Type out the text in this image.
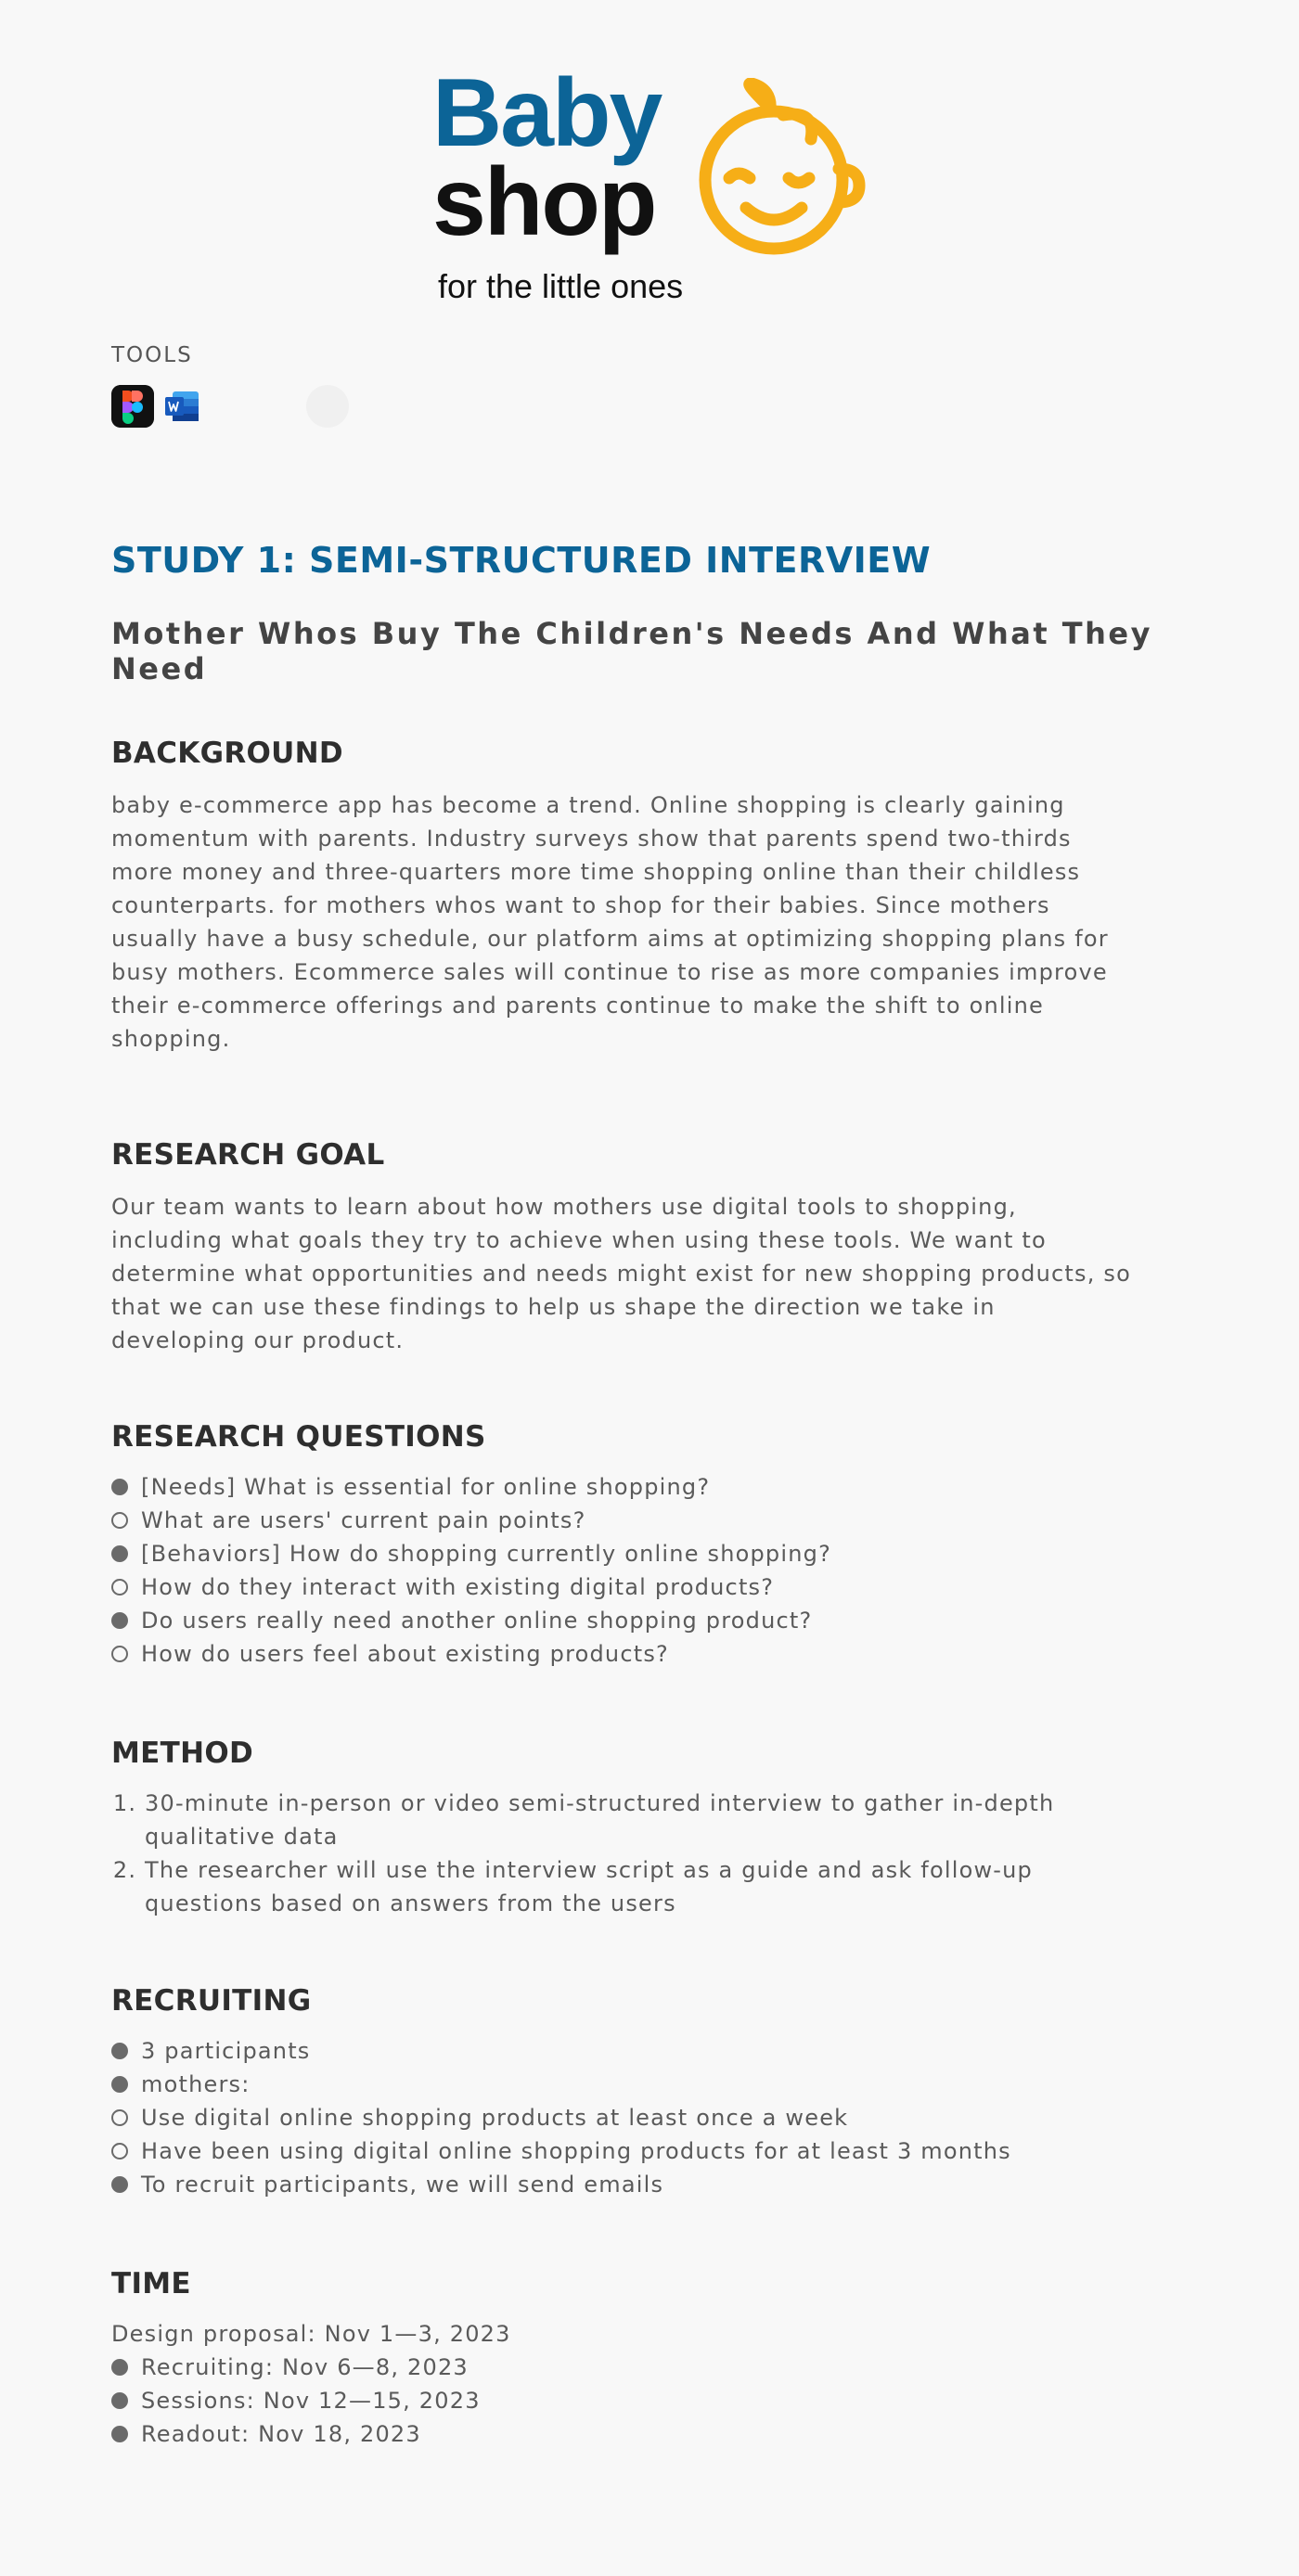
Baby
shop
for the little ones
TOOLS
STUDY 1: SEMI-STRUCTURED INTERVIEW
Mother Whos Buy The Children's Needs And What They Need
BACKGROUND

baby e-commerce app has become a trend. Online shopping is clearly gaining momentum with parents. Industry surveys show that parents spend two-thirds more money and three-quarters more time shopping online than their childless counterparts. for mothers whos want to shop for their babies. Since mothers usually have a busy schedule, our platform aims at optimizing shopping plans for busy mothers. Ecommerce sales will continue to rise as more companies improve their e-commerce offerings and parents continue to make the shift to online shopping.

RESEARCH GOAL

Our team wants to learn about how mothers use digital tools to shopping, including what goals they try to achieve when using these tools. We want to determine what opportunities and needs might exist for new shopping products, so that we can use these findings to help us shape the direction we take in developing our product.

RESEARCH QUESTIONS
[Needs] What is essential for online shopping?
What are users' current pain points?
[Behaviors] How do shopping currently online shopping?
How do they interact with existing digital products?
Do users really need another online shopping product?
How do users feel about existing products?
METHOD
1. 30-minute in-person or video semi-structured interview to gather in-depth qualitative data
2. The researcher will use the interview script as a guide and ask follow-up questions based on answers from the users
RECRUITING
3 participants
mothers:
Use digital online shopping products at least once a week
Have been using digital online shopping products for at least 3 months
To recruit participants, we will send emails
TIME
Design proposal: Nov 1—3, 2023
Recruiting: Nov 6—8, 2023
Sessions: Nov 12—15, 2023
Readout: Nov 18, 2023
